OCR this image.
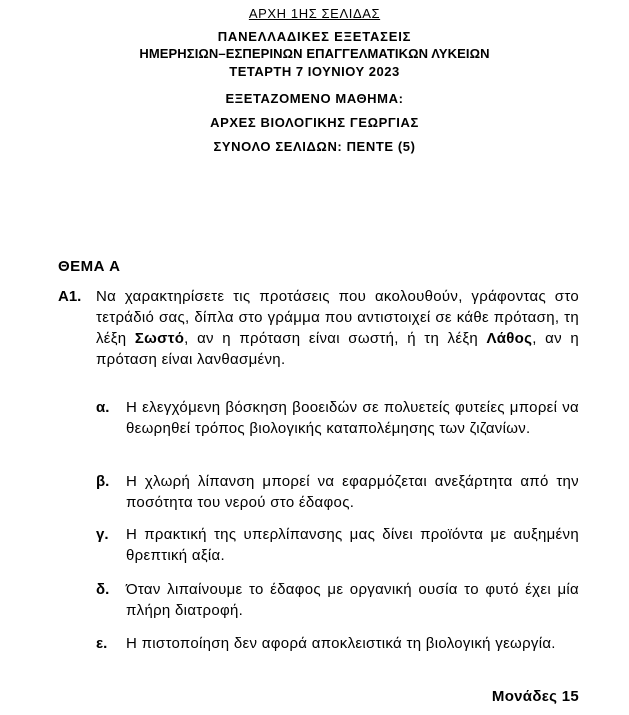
ΑΡΧΗ 1ΗΣ ΣΕΛΙΔΑΣ
ΠΑΝΕΛΛΑΔΙΚΕΣ ΕΞΕΤΑΣΕΙΣ
ΗΜΕΡΗΣΙΩΝ–ΕΣΠΕΡΙΝΩΝ ΕΠΑΓΓΕΛΜΑΤΙΚΩΝ ΛΥΚΕΙΩΝ
ΤΕΤΑΡΤΗ 7 ΙΟΥΝΙΟΥ 2023
ΕΞΕΤΑΖΟΜΕΝΟ ΜΑΘΗΜΑ:
ΑΡΧΕΣ ΒΙΟΛΟΓΙΚΗΣ ΓΕΩΡΓΙΑΣ
ΣΥΝΟΛΟ ΣΕΛΙΔΩΝ: ΠΕΝΤΕ (5)
ΘΕΜΑ Α
Α1. Να χαρακτηρίσετε τις προτάσεις που ακολουθούν, γράφοντας στο τετράδιό σας, δίπλα στο γράμμα που αντιστοιχεί σε κάθε πρόταση, τη λέξη Σωστό, αν η πρόταση είναι σωστή, ή τη λέξη Λάθος, αν η πρόταση είναι λανθασμένη.
α. Η ελεγχόμενη βόσκηση βοοειδών σε πολυετείς φυτείες μπορεί να θεωρηθεί τρόπος βιολογικής καταπολέμησης των ζιζανίων.
β. Η χλωρή λίπανση μπορεί να εφαρμόζεται ανεξάρτητα από την ποσότητα του νερού στο έδαφος.
γ. Η πρακτική της υπερλίπανσης μας δίνει προϊόντα με αυξημένη θρεπτική αξία.
δ. Όταν λιπαίνουμε το έδαφος με οργανική ουσία το φυτό έχει μία πλήρη διατροφή.
ε. Η πιστοποίηση δεν αφορά αποκλειστικά τη βιολογική γεωργία.
Μονάδες 15
